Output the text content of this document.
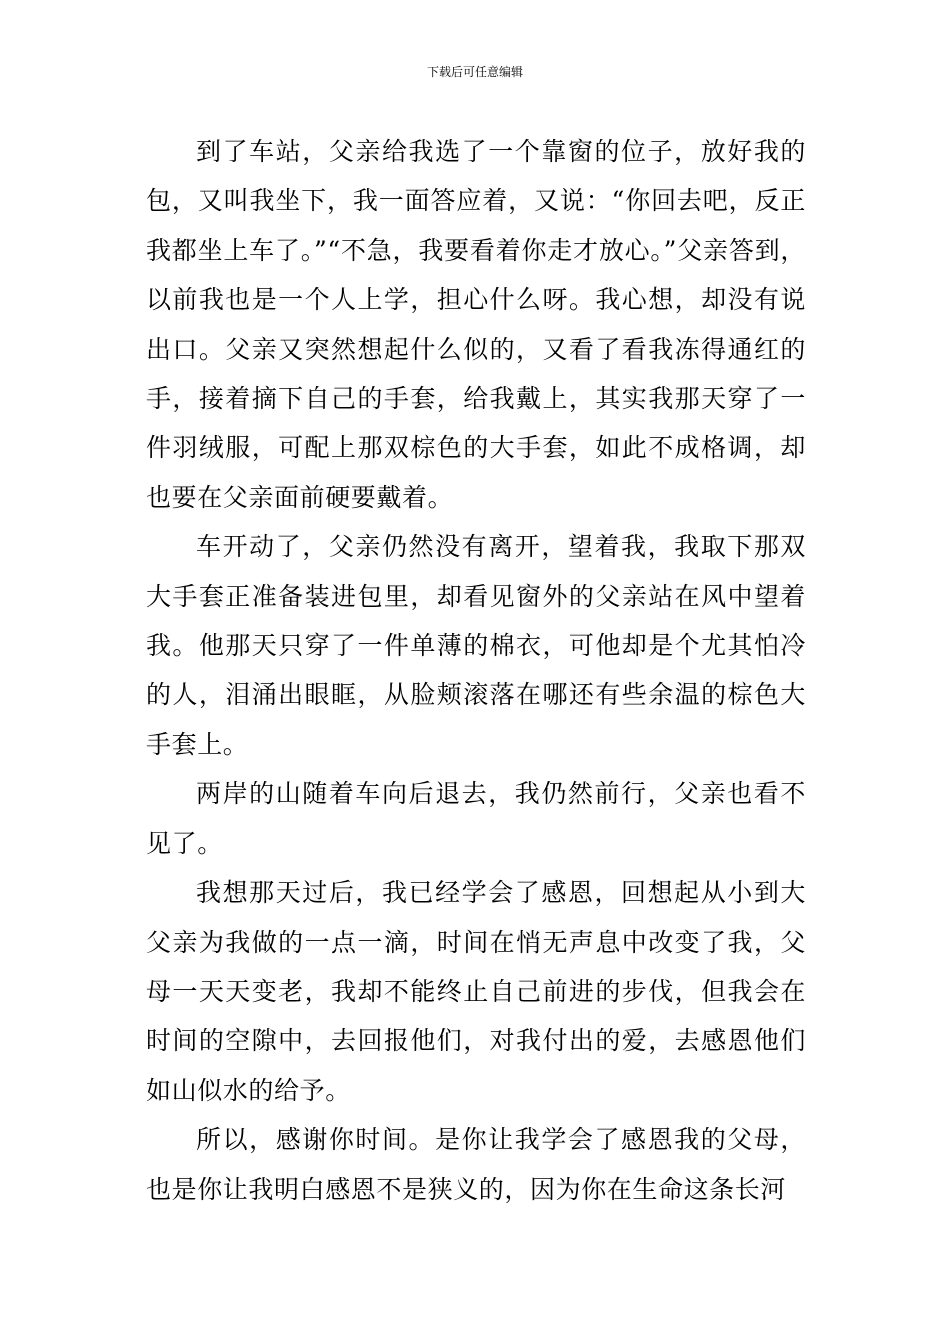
下载后可任意编辑

到了车站，父亲给我选了一个靠窗的位子，放好我的包，又叫我坐下，我一面答应着，又说：“你回去吧，反正我都坐上车了。”“不急，我要看着你走才放心。”父亲答到，以前我也是一个人上学，担心什么呀。我心想，却没有说出口。父亲又突然想起什么似的，又看了看我冻得通红的手，接着摘下自己的手套，给我戴上，其实我那天穿了一件羽绒服，可配上那双棕色的大手套，如此不成格调，却也要在父亲面前硬要戴着。

车开动了，父亲仍然没有离开，望着我，我取下那双大手套正准备装进包里，却看见窗外的父亲站在风中望着我。他那天只穿了一件单薄的棉衣，可他却是个尤其怕冷的人，泪涌出眼眶，从脸颊滚落在哪还有些余温的棕色大手套上。

两岸的山随着车向后退去，我仍然前行，父亲也看不见了。

我想那天过后，我已经学会了感恩，回想起从小到大父亲为我做的一点一滴，时间在悄无声息中改变了我，父母一天天变老，我却不能终止自己前进的步伐，但我会在时间的空隙中，去回报他们，对我付出的爱，去感恩他们如山似水的给予。

所以，感谢你时间。是你让我学会了感恩我的父母，也是你让我明白感恩不是狭义的，因为你在生命这条长河
